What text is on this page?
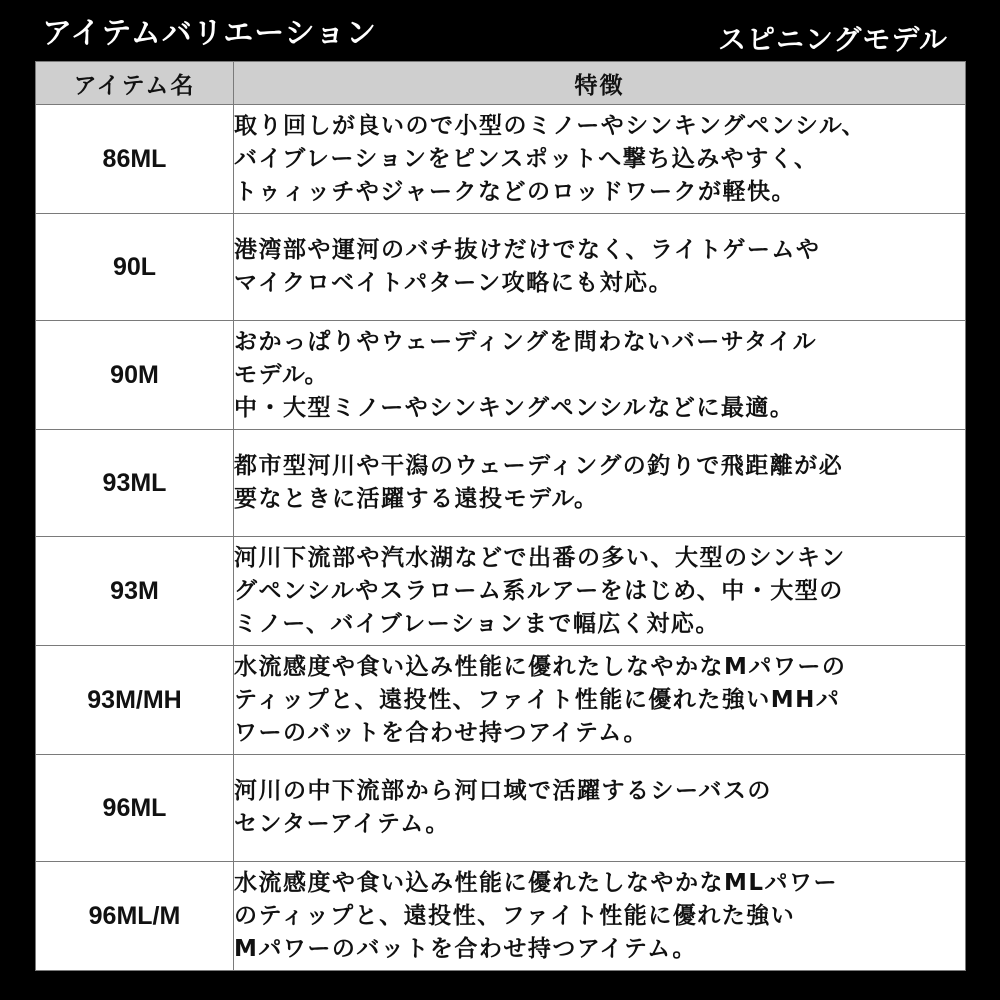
アイテムバリエーション	スピニングモデル
アイテム名	特徴
86ML	取り回しが良いので小型のミノーやシンキングペンシル、
バイブレーションをピンスポットへ撃ち込みやすく、
トゥィッチやジャークなどのロッドワークが軽快。

90L	港湾部や運河のバチ抜けだけでなく、ライトゲームや
マイクロベイトパターン攻略にも対応。

90M	おかっぱりやウェーディングを問わないバーサタイル
モデル。
中・大型ミノーやシンキングペンシルなどに最適。

93ML	都市型河川や干潟のウェーディングの釣りで飛距離が必
要なときに活躍する遠投モデル。

93M	河川下流部や汽水湖などで出番の多い、大型のシンキン
グペンシルやスラローム系ルアーをはじめ、中・大型の
ミノー、バイブレーションまで幅広く対応。

93M/MH	水流感度や食い込み性能に優れたしなやかなMパワーの
ティップと、遠投性、ファイト性能に優れた強いMHパ
ワーのバットを合わせ持つアイテム。

96ML	河川の中下流部から河口域で活躍するシーバスの
センターアイテム。

96ML/M	水流感度や食い込み性能に優れたしなやかなMLパワー
のティップと、遠投性、ファイト性能に優れた強い
Mパワーのバットを合わせ持つアイテム。
